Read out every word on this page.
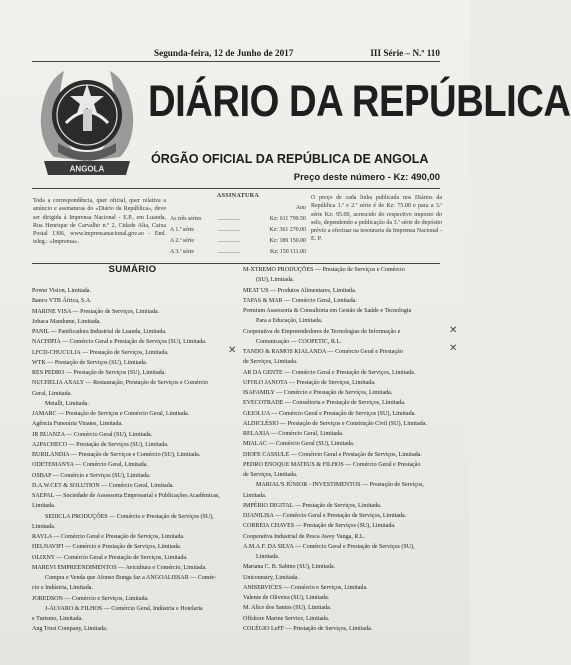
Segunda-feira, 12 de Junho de 2017	III Série – N.º 110
ANGOLA
DIÁRIO DA REPÚBLICA
ÓRGÃO OFICIAL DA REPÚBLICA DE ANGOLA
Preço deste número - Kz: 490,00
Toda a correspondência, quer oficial, quer relativa a anúncio e assinaturas do «Diário da República», deve ser dirigida à Imprensa Nacional - E.P., em Luanda, Rua Henrique de Carvalho n.º 2, Cidade Alta, Caixa Postal 1306, www.imprensanacional.gov.ao - End. teleg.: «Imprensa».
ASSINATURA
		Ano
As três séries	...............	Kz: 611 799.50
A 1.ª série	...............	Kz: 361 270.00
A 2.ª série	...............	Kz: 189 150.00
A 3.ª série	...............	Kz: 150 111.00
O preço de cada linha publicada nos Diários da República 1.ª e 2.ª série é de Kz: 75.00 e para a 3.ª série Kz: 95.00, acrescido do respectivo imposto do selo, dependendo a publicação da 3.ª série de depósito prévio a efectuar na tesouraria da Imprensa Nacional - E. P.
SUMÁRIO

Power Vision, Limitada.

Banco VTB África, S.A.

MARINE VISA — Prestação de Serviços, Limitada.

Jobaca Mandume, Limitada.

PANIL — Panificadora Industrial de Luanda, Limitada.

NACHIPIA — Comércio Geral e Prestação de Serviços (SU), Limitada.

LFCD-CHUCULIA — Prestação de Serviços, Limitada.

WTK — Prestação de Serviços (SU), Limitada.

RES PEDRO — Prestação de Serviços (SU), Limitada.

NUCHELIA AXALY — Restauração, Prestação de Serviços e Comércio

Geral, Limitada.

Metalli, Limitada.

JAMARC — Prestação de Serviços e Comércio Geral, Limitada.

Agência Funerária Vinates, Limitada.

JR BUANZA — Comércio Geral (SU), Limitada.

A2PACHECO — Prestação de Serviços (SU), Limitada.

BURILANDIA — Prestação de Serviços e Comércio (SU), Limitada.

ODETEMANYA — Comércio Geral, Limitada.

OSBAP — Comércio e Serviços (SU), Limitada.

D.A.W.CET & SOLUTION — Comércio Geral, Limitada.

SAEPAL — Sociedade de Assessoria Empresarial e Publicações Académicas,

Limitada.

SEDICLA PRODUÇÕES — Comércio e Prestação de Serviços (SU),

Limitada.

RAYLA — Comércio Geral e Prestação de Serviços, Limitada.

HELNAVIFI — Comércio e Prestação de Serviços, Limitada.

OLIXNY — Comércio Geral e Prestação de Serviços, Limitada.

MAREVI EMPREENDIMENTOS — Avicultura e Comércio, Limitada.

Compra e Venda que Afonso Bunga faz a ANGOALISSAR — Comér-

cio e Indústria, Limitada.

JOREDSON — Comércio e Serviços, Limitada.

J-ÁLVARO & FILHOS — Comércio Geral, Indústria e Hotelaria

e Turismo, Limitada.

Ang Trust Company, Limitada.

M-XTREMO PRODUÇÕES — Prestação de Serviços e Comércio

(SU), Limitada.

MEAT US — Produtos Alimentares, Limitada.

TAPAS & MAR — Comércio Geral, Limitada.

Premium Assessoria & Consultoria em Gestão de Saúde e Tecnologia

Para a Educação, Limitada.

Cooperativa de Empreendedores de Tecnologias de Informação e

Comunicação — COOPETIC, R.L.

TANDO & RAMOS KIALANDA — Comércio Geral e Prestação

de Serviços, Limitada.

AR DA GENTE — Comércio Geral e Prestação de Serviços, Limitada.

UFOLO JANOTA — Prestação de Serviços, Limitada.

ISAFAMILY — Comércio e Prestação de Serviços, Limitada.

EVECOTRADE — Consultoria e Prestação de Serviços, Limitada.

GEJOLUA — Comércio Geral e Prestação de Serviços (SU), Limitada.

ALDICLÉSIO — Prestação de Serviços e Construção Civil (SU), Limitada.

RELAXIA — Comércio Geral, Limitada.

MIALAC — Comércio Geral (SU), Limitada.

DIOFE CASSULE — Comércio Geral e Prestação de Serviços, Limitada.

PEDRO ENOQUE MATEUS & FILHOS — Comércio Geral e Prestação

de Serviços, Limitada.

MARIAL'S JÚNIOR - INVESTIMENTOS — Prestação de Serviços,

Limitada.

IMPÉRIO DIGITAL — Prestação de Serviços, Limitada.

DJANILISA — Comércio Geral e Prestação de Serviços, Limitada.

CORREIA CHAVES — Prestação de Serviços (SU), Limitada.

Cooperativa Industrial de Pesca Awey Vanga, R.L.

A.M.A.F. DA SILVA — Comércio Geral e Prestação de Serviços (SU),

Limitada.

Mariana C. B. Sabino (SU), Limitada.

Unicounstry, Limitada.

ANISERVICES — Comércio e Serviços, Limitada.

Valente de Oliveira (SU), Limitada.

M. Alice dos Santos (SU), Limitada.

Offshore Marine Service, Limitada.

COLÉGIO LeFF — Prestação de Serviços, Limitada.

✕
✕
✕
